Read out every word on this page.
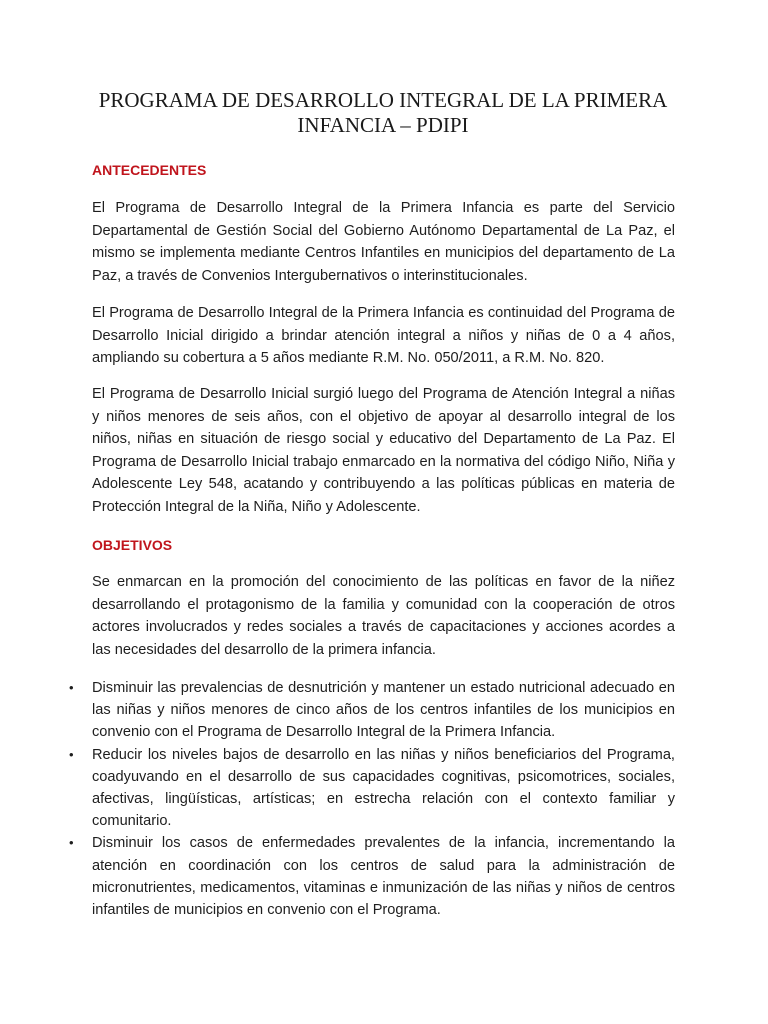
PROGRAMA DE DESARROLLO INTEGRAL DE LA PRIMERA INFANCIA – PDIPI
ANTECEDENTES

El Programa de Desarrollo Integral de la Primera Infancia es parte del Servicio Departamental de Gestión Social del Gobierno Autónomo Departamental de La Paz, el mismo se implementa mediante Centros Infantiles en municipios del departamento de La Paz, a través de Convenios Intergubernativos o interinstitucionales.

El Programa de Desarrollo Integral de la Primera Infancia es continuidad del Programa de Desarrollo Inicial dirigido a brindar atención integral a niños y niñas de 0 a 4 años, ampliando su cobertura a 5 años mediante R.M. No. 050/2011, a R.M. No. 820.

El Programa de Desarrollo Inicial surgió luego del Programa de Atención Integral a niñas y niños menores de seis años, con el objetivo de apoyar al desarrollo integral de los niños, niñas en situación de riesgo social y educativo del Departamento de La Paz. El Programa de Desarrollo Inicial trabajo enmarcado en la normativa del código Niño, Niña y Adolescente Ley 548, acatando y contribuyendo a las políticas públicas en materia de Protección Integral de la Niña, Niño y Adolescente.

OBJETIVOS

Se enmarcan en la promoción del conocimiento de las políticas en favor de la niñez desarrollando el protagonismo de la familia y comunidad con la cooperación de otros actores involucrados y redes sociales a través de capacitaciones y acciones acordes a las necesidades del desarrollo de la primera infancia.

• Disminuir las prevalencias de desnutrición y mantener un estado nutricional adecuado en las niñas y niños menores de cinco años de los centros infantiles de los municipios en convenio con el Programa de Desarrollo Integral de la Primera Infancia.
• Reducir los niveles bajos de desarrollo en las niñas y niños beneficiarios del Programa, coadyuvando en el desarrollo de sus capacidades cognitivas, psicomotrices, sociales, afectivas, lingüísticas, artísticas; en estrecha relación con el contexto familiar y comunitario.
• Disminuir los casos de enfermedades prevalentes de la infancia, incrementando la atención en coordinación con los centros de salud para la administración de micronutrientes, medicamentos, vitaminas e inmunización de las niñas y niños de centros infantiles de municipios en convenio con el Programa.
